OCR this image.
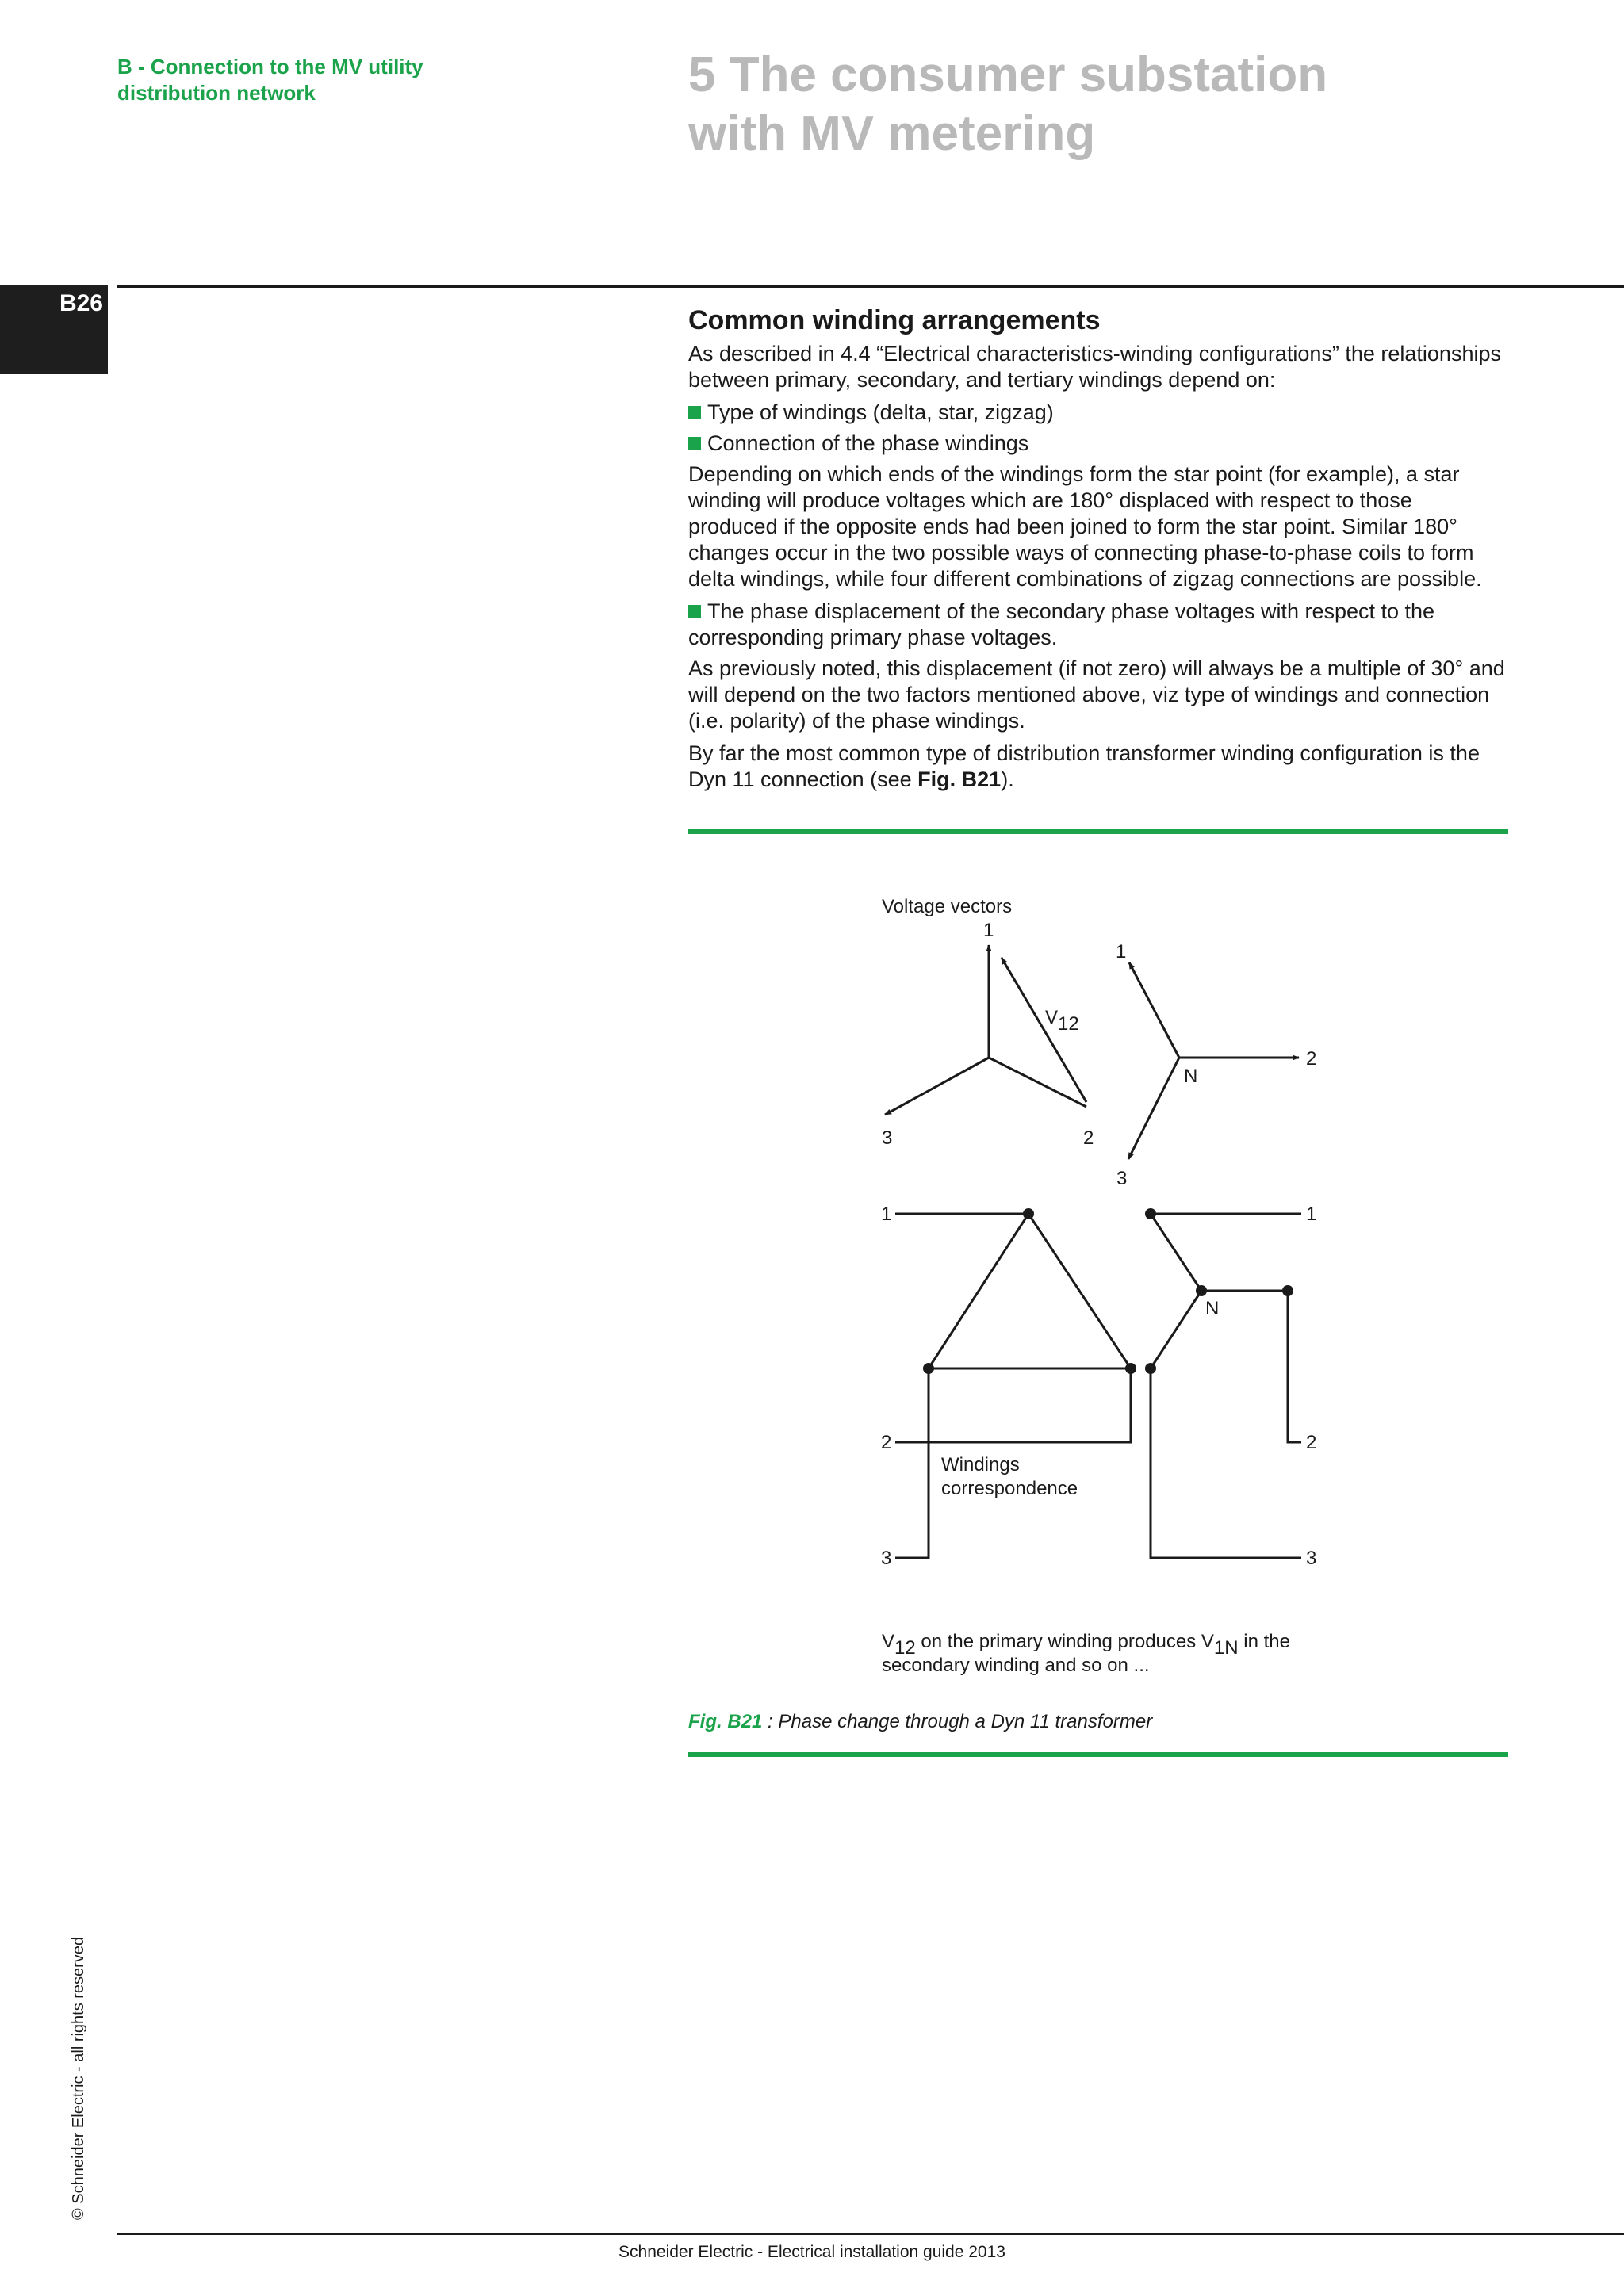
B - Connection to the MV utility
distribution network	5 The consumer substation
with MV metering
B26
Common winding arrangements

As described in 4.4 “Electrical characteristics-winding configurations” the relationships between primary, secondary, and tertiary windings depend on:

Type of windings (delta, star, zigzag)
Connection of the phase windings

Depending on which ends of the windings form the star point (for example), a star winding will produce voltages which are 180° displaced with respect to those produced if the opposite ends had been joined to form the star point. Similar 180° changes occur in the two possible ways of connecting phase-to-phase coils to form delta windings, while four different combinations of zigzag connections are possible.

The phase displacement of the secondary phase voltages with respect to the corresponding primary phase voltages.

As previously noted, this displacement (if not zero) will always be a multiple of 30° and will depend on the two factors mentioned above, viz type of windings and connection (i.e. polarity) of the phase windings.

By far the most common type of distribution transformer winding configuration is the Dyn 11 connection (see Fig. B21).

Voltage vectors
1
1
V12
2
N
3	2
3
1	1
N
2	2
Windings
correspondence
3	3
V12 on the primary winding produces V1N in the
secondary winding and so on ...
Fig. B21 : Phase change through a Dyn 11 transformer
Schneider Electric - Electrical installation guide 2013
© Schneider Electric - all rights reserved
